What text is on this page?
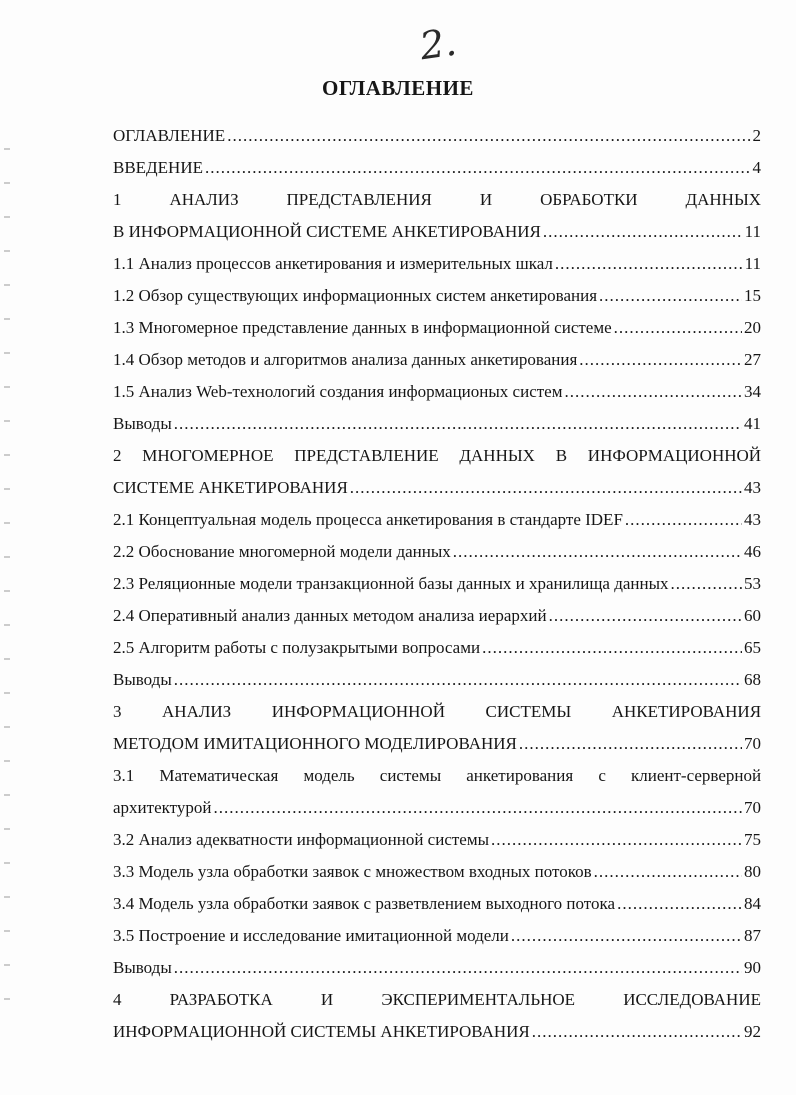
2.
ОГЛАВЛЕНИЕ
ОГЛАВЛЕНИЕ .....	2
ВВЕДЕНИЕ .....	4
1	АНАЛИЗ	ПРЕДСТАВЛЕНИЯ	И	ОБРАБОТКИ	ДАННЫХ
В ИНФОРМАЦИОННОЙ СИСТЕМЕ АНКЕТИРОВАНИЯ .....	11
1.1 Анализ процессов анкетирования и измерительных шкал .....	11
1.2 Обзор существующих информационных систем анкетирования .....	15
1.3 Многомерное представление данных в информационной системе .....	20
1.4 Обзор методов и алгоритмов анализа данных анкетирования .....	27
1.5 Анализ Web-технологий создания информационых систем .....	34
Выводы .....	41
2 МНОГОМЕРНОЕ ПРЕДСТАВЛЕНИЕ ДАННЫХ В ИНФОРМАЦИОННОЙ
СИСТЕМЕ АНКЕТИРОВАНИЯ .....	43
2.1 Концептуальная модель процесса анкетирования в стандарте IDEF .....	43
2.2 Обоснование многомерной модели данных .....	46
2.3 Реляционные модели транзакционной базы данных и хранилища данных .....	53
2.4 Оперативный анализ данных методом анализа иерархий .....	60
2.5 Алгоритм работы с полузакрытыми вопросами .....	65
Выводы .....	68
3 АНАЛИЗ ИНФОРМАЦИОННОЙ СИСТЕМЫ АНКЕТИРОВАНИЯ
МЕТОДОМ ИМИТАЦИОННОГО МОДЕЛИРОВАНИЯ .....	70
3.1 Математическая модель системы анкетирования с клиент-серверной
архитектурой .....	70
3.2 Анализ адекватности информационной системы .....	75
3.3 Модель узла обработки заявок с множеством входных потоков .....	80
3.4 Модель узла обработки заявок с разветвлением выходного потока .....	84
3.5 Построение и исследование имитационной модели .....	87
Выводы .....	90
4	РАЗРАБОТКА	И	ЭКСПЕРИМЕНТАЛЬНОЕ	ИССЛЕДОВАНИЕ
ИНФОРМАЦИОННОЙ СИСТЕМЫ АНКЕТИРОВАНИЯ .....	92
